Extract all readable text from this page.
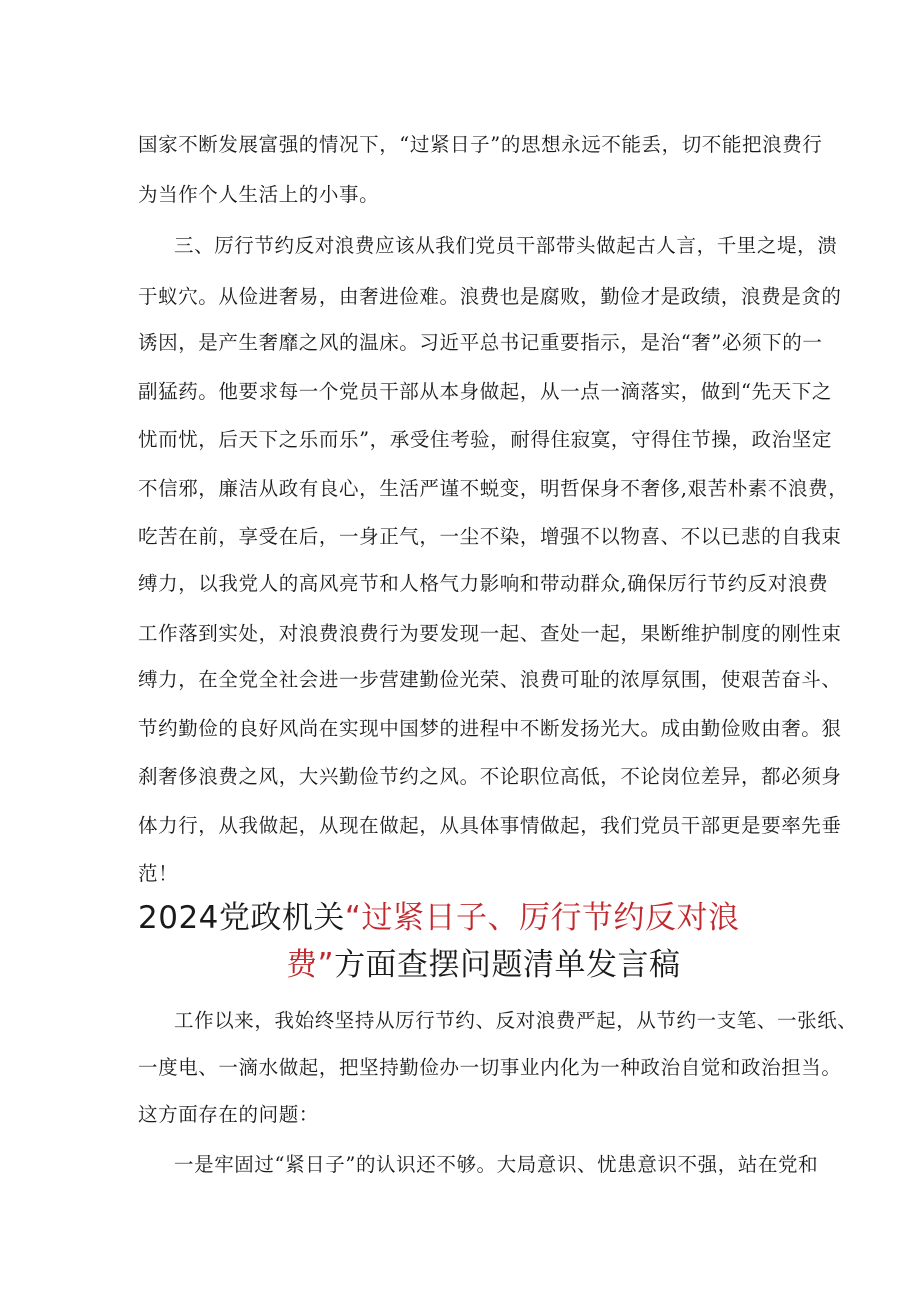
国家不断发展富强的情况下，“过紧日子”的思想永远不能丢，切不能把浪费行
为当作个人生活上的小事。
三、厉行节约反对浪费应该从我们党员干部带头做起古人言，千里之堤，溃
于蚁穴。从俭进奢易，由奢进俭难。浪费也是腐败，勤俭才是政绩，浪费是贪的
诱因，是产生奢靡之风的温床。习近平总书记重要指示，是治“奢”必须下的一
副猛药。他要求每一个党员干部从本身做起，从一点一滴落实，做到“先天下之
忧而忧，后天下之乐而乐”，承受住考验，耐得住寂寞，守得住节操，政治坚定
不信邪，廉洁从政有良心，生活严谨不蜕变，明哲保身不奢侈,艰苦朴素不浪费，
吃苦在前，享受在后，一身正气，一尘不染，增强不以物喜、不以已悲的自我束
缚力，以我党人的高风亮节和人格气力影响和带动群众,确保厉行节约反对浪费
工作落到实处，对浪费浪费行为要发现一起、查处一起，果断维护制度的刚性束
缚力，在全党全社会进一步营建勤俭光荣、浪费可耻的浓厚氛围，使艰苦奋斗、
节约勤俭的良好风尚在实现中国梦的进程中不断发扬光大。成由勤俭败由奢。狠
刹奢侈浪费之风，大兴勤俭节约之风。不论职位高低，不论岗位差异，都必须身
体力行，从我做起，从现在做起，从具体事情做起，我们党员干部更是要率先垂
范！
2024党政机关“过紧日子、厉行节约反对浪
费”方面查摆问题清单发言稿
工作以来，我始终坚持从厉行节约、反对浪费严起，从节约一支笔、一张纸、
一度电、一滴水做起，把坚持勤俭办一切事业内化为一种政治自觉和政治担当。
这方面存在的问题：
一是牢固过“紧日子”的认识还不够。大局意识、忧患意识不强，站在党和
